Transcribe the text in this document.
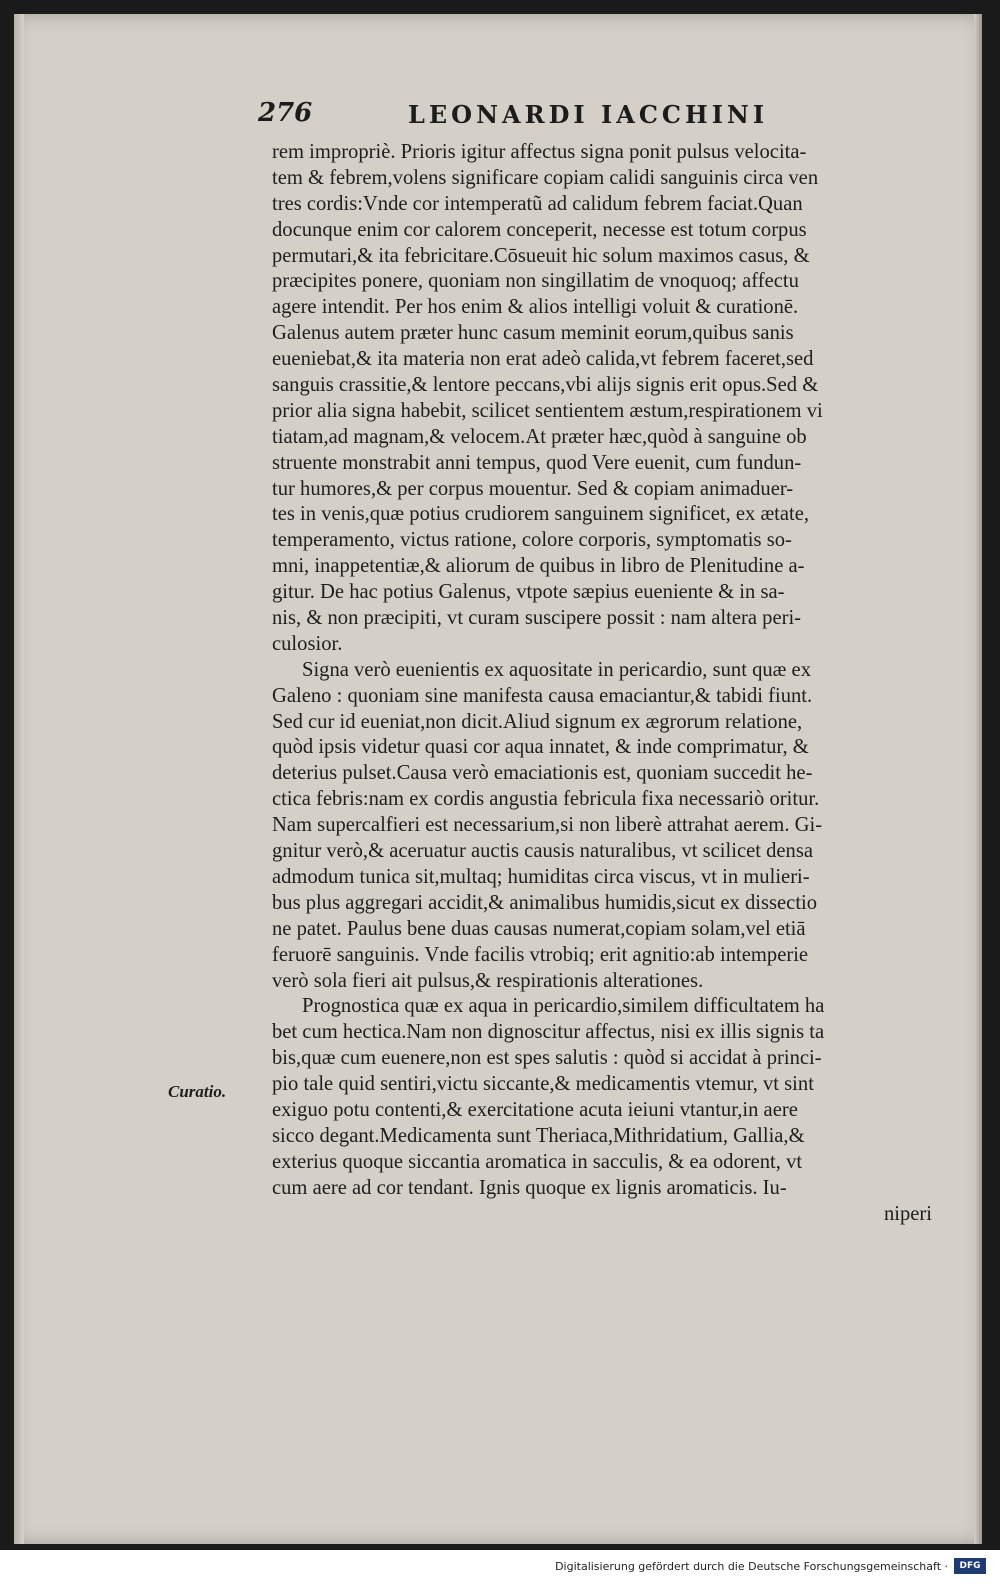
276	LEONARDI IACCHINI
Curatio.
rem impropriè. Prioris igitur affectus signa ponit pulsus velocita-
tem & febrem,volens significare copiam calidi sanguinis circa ven
tres cordis:Vnde cor intemperatũ ad calidum febrem faciat.Quan
docunque enim cor calorem conceperit, necesse est totum corpus
permutari,& ita febricitare.Cōsueuit hic solum maximos casus, &
præcipites ponere, quoniam non singillatim de vnoquoq; affectu
agere intendit. Per hos enim & alios intelligi voluit & curationē.
Galenus autem præter hunc casum meminit eorum,quibus sanis
eueniebat,& ita materia non erat adeò calida,vt febrem faceret,sed
sanguis crassitie,& lentore peccans,vbi alijs signis erit opus.Sed &
prior alia signa habebit, scilicet sentientem æstum,respirationem vi
tiatam,ad magnam,& velocem.At præter hæc,quòd à sanguine ob
struente monstrabit anni tempus, quod Vere euenit, cum fundun-
tur humores,& per corpus mouentur. Sed & copiam animaduer-
tes in venis,quæ potius crudiorem sanguinem significet, ex ætate,
temperamento, victus ratione, colore corporis, symptomatis so-
mni, inappetentiæ,& aliorum de quibus in libro de Plenitudine a-
gitur. De hac potius Galenus, vtpote sæpius eueniente & in sa-
nis, & non præcipiti, vt curam suscipere possit : nam altera peri-
culosior.
Signa verò euenientis ex aquositate in pericardio, sunt quæ ex
Galeno : quoniam sine manifesta causa emaciantur,& tabidi fiunt.
Sed cur id eueniat,non dicit.Aliud signum ex ægrorum relatione,
quòd ipsis videtur quasi cor aqua innatet, & inde comprimatur, &
deterius pulset.Causa verò emaciationis est, quoniam succedit he-
ctica febris:nam ex cordis angustia febricula fixa necessariò oritur.
Nam supercalfieri est necessarium,si non liberè attrahat aerem. Gi-
gnitur verò,& aceruatur auctis causis naturalibus, vt scilicet densa
admodum tunica sit,multaq; humiditas circa viscus, vt in mulieri-
bus plus aggregari accidit,& animalibus humidis,sicut ex dissectio
ne patet. Paulus bene duas causas numerat,copiam solam,vel etiā
feruorē sanguinis. Vnde facilis vtrobiq; erit agnitio:ab intemperie
verò sola fieri ait pulsus,& respirationis alterationes.
Prognostica quæ ex aqua in pericardio,similem difficultatem ha
bet cum hectica.Nam non dignoscitur affectus, nisi ex illis signis ta
bis,quæ cum euenere,non est spes salutis : quòd si accidat à princi-
pio tale quid sentiri,victu siccante,& medicamentis vtemur, vt sint
exiguo potu contenti,& exercitatione acuta ieiuni vtantur,in aere
sicco degant.Medicamenta sunt Theriaca,Mithridatium, Gallia,&
exterius quoque siccantia aromatica in sacculis, & ea odorent, vt
cum aere ad cor tendant. Ignis quoque ex lignis aromaticis. Iu-
niperi
Digitalisierung gefördert durch die Deutsche Forschungsgemeinschaft ·	DFG
